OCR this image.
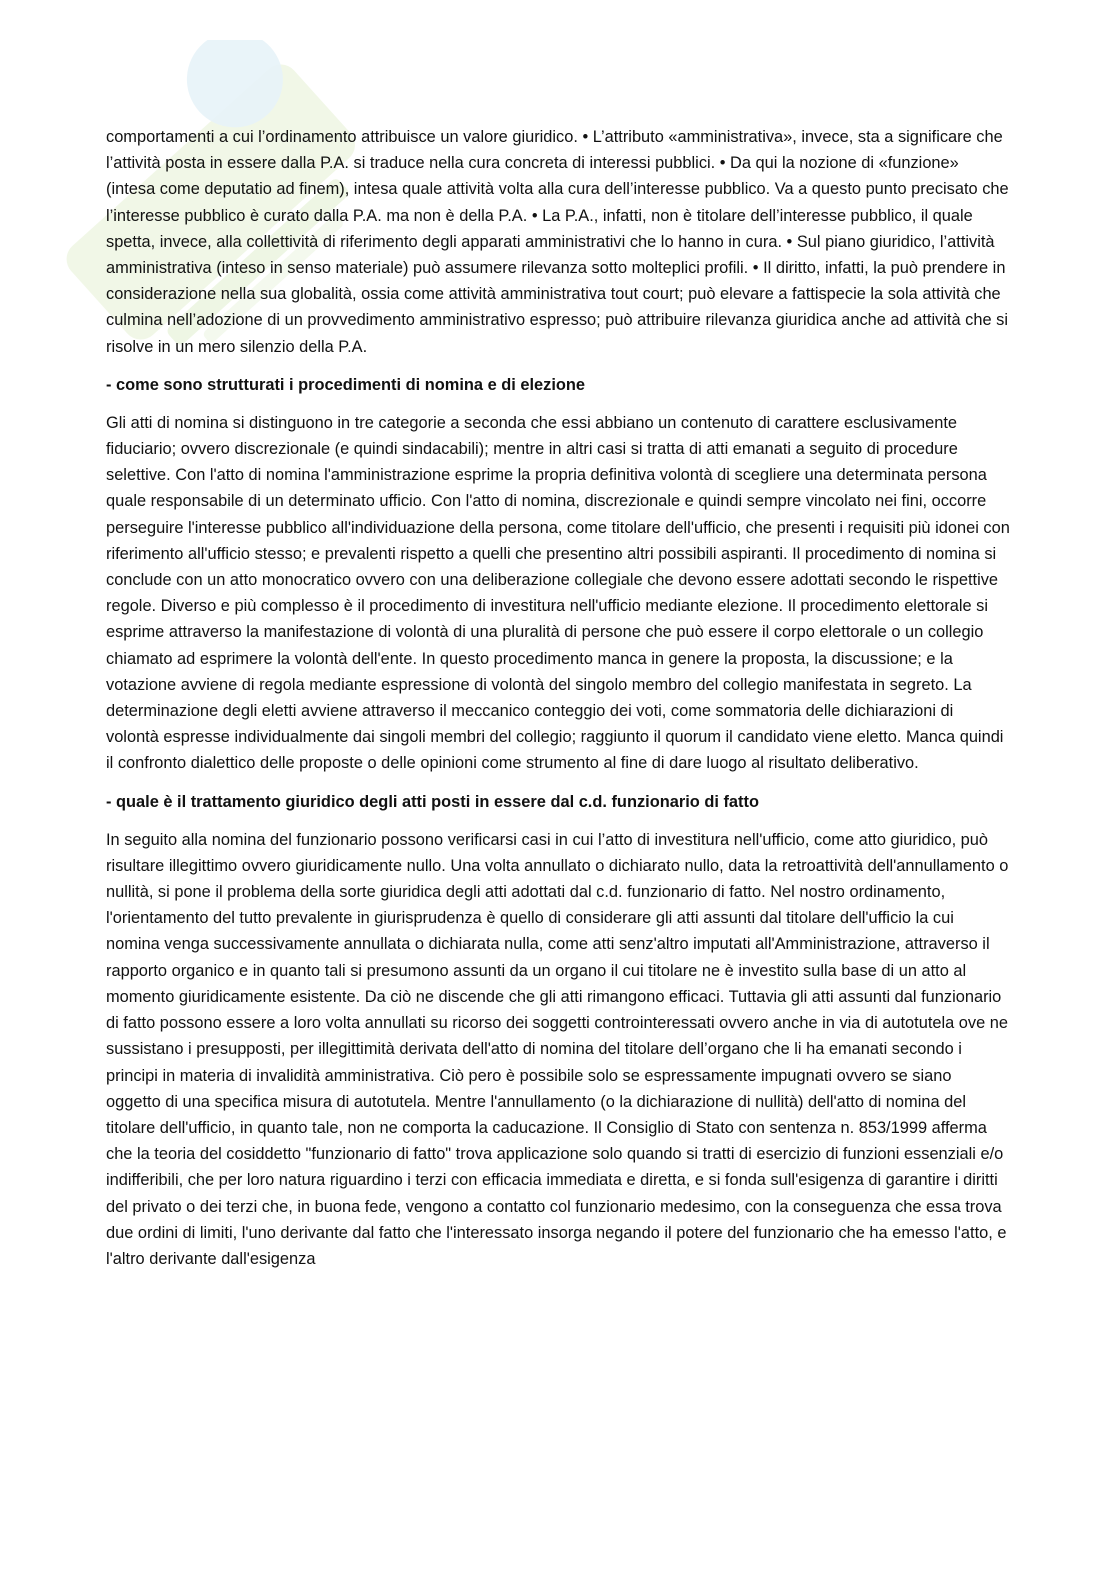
comportamenti a cui l’ordinamento attribuisce un valore giuridico. • L’attributo «amministrativa», invece, sta a significare che l’attività posta in essere dalla P.A. si traduce nella cura concreta di interessi pubblici. • Da qui la nozione di «funzione» (intesa come deputatio ad finem), intesa quale attività volta alla cura dell’interesse pubblico. Va a questo punto precisato che l’interesse pubblico è curato dalla P.A. ma non è della P.A. • La P.A., infatti, non è titolare dell’interesse pubblico, il quale spetta, invece, alla collettività di riferimento degli apparati amministrativi che lo hanno in cura. • Sul piano giuridico, l’attività amministrativa (inteso in senso materiale) può assumere rilevanza sotto molteplici profili. • Il diritto, infatti, la può prendere in considerazione nella sua globalità, ossia come attività amministrativa tout court; può elevare a fattispecie la sola attività che culmina nell’adozione di un provvedimento amministrativo espresso; può attribuire rilevanza giuridica anche ad attività che si risolve in un mero silenzio della P.A.

- come sono strutturati i procedimenti di nomina e di elezione

Gli atti di nomina si distinguono in tre categorie a seconda che essi abbiano un contenuto di carattere esclusivamente fiduciario; ovvero discrezionale (e quindi sindacabili); mentre in altri casi si tratta di atti emanati a seguito di procedure selettive. Con l'atto di nomina l'amministrazione esprime la propria definitiva volontà di scegliere una determinata persona quale responsabile di un determinato ufficio. Con l'atto di nomina, discrezionale e quindi sempre vincolato nei fini, occorre perseguire l'interesse pubblico all'individuazione della persona, come titolare dell'ufficio, che presenti i requisiti più idonei con riferimento all'ufficio stesso; e prevalenti rispetto a quelli che presentino altri possibili aspiranti. Il procedimento di nomina si conclude con un atto monocratico ovvero con una deliberazione collegiale che devono essere adottati secondo le rispettive regole. Diverso e più complesso è il procedimento di investitura nell'ufficio mediante elezione. Il procedimento elettorale si esprime attraverso la manifestazione di volontà di una pluralità di persone che può essere il corpo elettorale o un collegio chiamato ad esprimere la volontà dell'ente. In questo procedimento manca in genere la proposta, la discussione; e la votazione avviene di regola mediante espressione di volontà del singolo membro del collegio manifestata in segreto. La determinazione degli eletti avviene attraverso il meccanico conteggio dei voti, come sommatoria delle dichiarazioni di volontà espresse individualmente dai singoli membri del collegio; raggiunto il quorum il candidato viene eletto. Manca quindi il confronto dialettico delle proposte o delle opinioni come strumento al fine di dare luogo al risultato deliberativo.

- quale è il trattamento giuridico degli atti posti in essere dal c.d. funzionario di fatto

In seguito alla nomina del funzionario possono verificarsi casi in cui l’atto di investitura nell'ufficio, come atto giuridico, può risultare illegittimo ovvero giuridicamente nullo. Una volta annullato o dichiarato nullo, data la retroattività dell'annullamento o nullità, si pone il problema della sorte giuridica degli atti adottati dal c.d. funzionario di fatto. Nel nostro ordinamento, l'orientamento del tutto prevalente in giurisprudenza è quello di considerare gli atti assunti dal titolare dell'ufficio la cui nomina venga successivamente annullata o dichiarata nulla, come atti senz'altro imputati all'Amministrazione, attraverso il rapporto organico e in quanto tali si presumono assunti da un organo il cui titolare ne è investito sulla base di un atto al momento giuridicamente esistente. Da ciò ne discende che gli atti rimangono efficaci. Tuttavia gli atti assunti dal funzionario di fatto possono essere a loro volta annullati su ricorso dei soggetti controinteressati ovvero anche in via di autotutela ove ne sussistano i presupposti, per illegittimità derivata dell'atto di nomina del titolare dell’organo che li ha emanati secondo i principi in materia di invalidità amministrativa. Ciò pero è possibile solo se espressamente impugnati ovvero se siano oggetto di una specifica misura di autotutela. Mentre l'annullamento (o la dichiarazione di nullità) dell'atto di nomina del titolare dell'ufficio, in quanto tale, non ne comporta la caducazione. Il Consiglio di Stato con sentenza n. 853/1999 afferma che la teoria del cosiddetto "funzionario di fatto" trova applicazione solo quando si tratti di esercizio di funzioni essenziali e/o indifferibili, che per loro natura riguardino i terzi con efficacia immediata e diretta, e si fonda sull'esigenza di garantire i diritti del privato o dei terzi che, in buona fede, vengono a contatto col funzionario medesimo, con la conseguenza che essa trova due ordini di limiti, l'uno derivante dal fatto che l'interessato insorga negando il potere del funzionario che ha emesso l'atto, e l'altro derivante dall'esigenza
